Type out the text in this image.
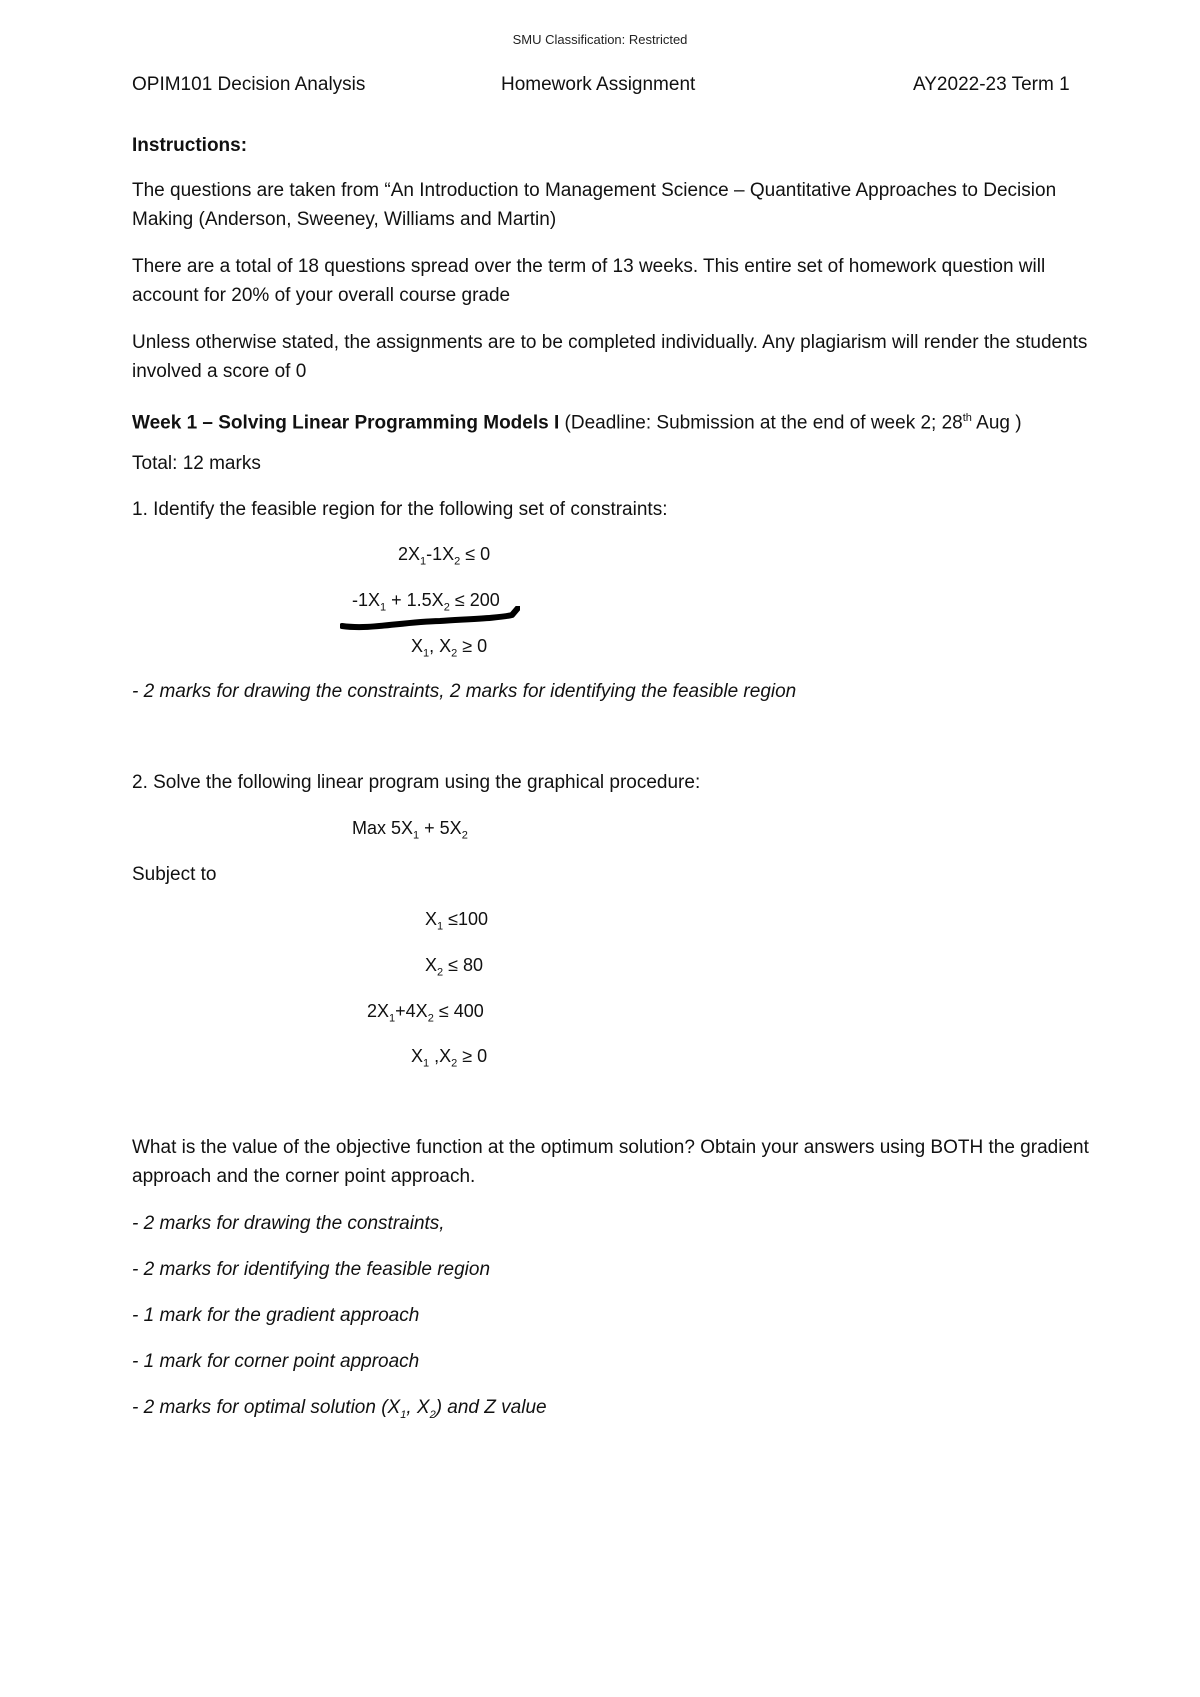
SMU Classification: Restricted
OPIM101 Decision Analysis	Homework Assignment	AY2022-23 Term 1
Instructions:
The questions are taken from “An Introduction to Management Science – Quantitative Approaches to Decision Making (Anderson, Sweeney, Williams and Martin)
There are a total of 18 questions spread over the term of 13 weeks. This entire set of homework question will account for 20% of your overall course grade
Unless otherwise stated, the assignments are to be completed individually. Any plagiarism will render the students involved a score of 0
Week 1 – Solving Linear Programming Models I (Deadline: Submission at the end of week 2; 28th Aug )
Total: 12 marks
1. Identify the feasible region for the following set of constraints:
$2X_1-1X_2 \le 0$
$-1X_1 + 1.5X_2 \le 200$
$X_1$, $X_2 \ge 0$
- 2 marks for drawing the constraints, 2 marks for identifying the feasible region
2. Solve the following linear program using the graphical procedure:
Max $5X_1 + 5X_2$
Subject to
$X_1 \le 100$
$X_2 \le 80$
$2X_1+4X_2 \le 400$
$X_1$ $,X_2 \ge 0$
What is the value of the objective function at the optimum solution? Obtain your answers using BOTH the gradient approach and the corner point approach.
- 2 marks for drawing the constraints,
- 2 marks for identifying the feasible region
- 1 mark for the gradient approach
- 1 mark for corner point approach
- 2 marks for optimal solution ($X_1$, $X_2$) and Z value
